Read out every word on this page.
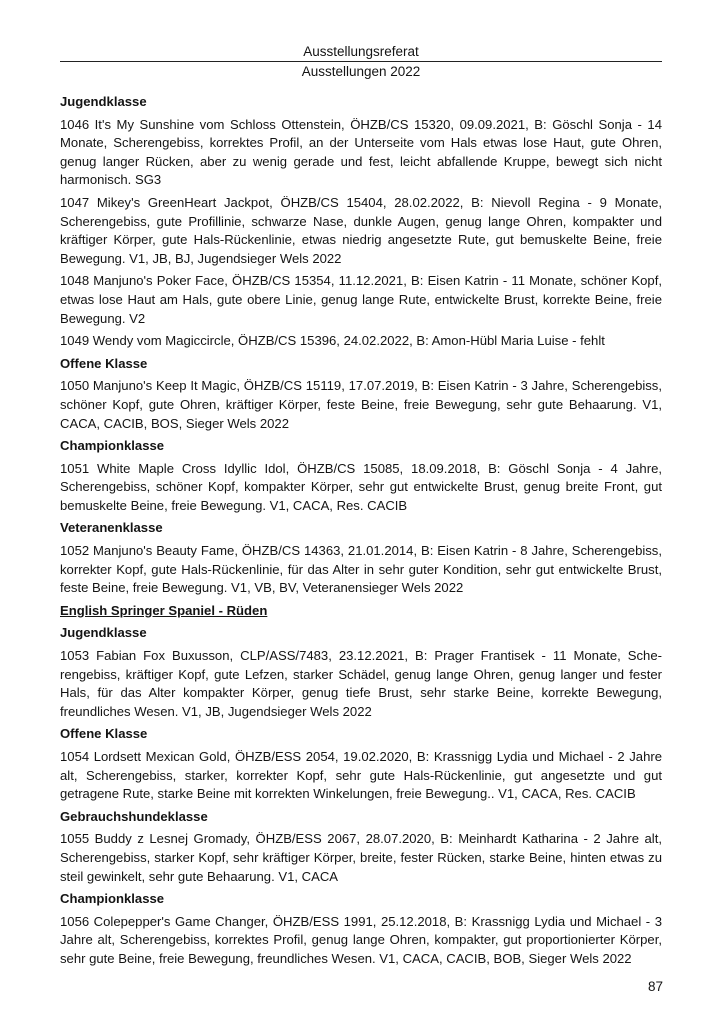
Ausstellungsreferat
Ausstellungen 2022
Jugendklasse
1046 It's My Sunshine vom Schloss Ottenstein, ÖHZB/CS 15320, 09.09.2021, B: Göschl Sonja - 14 Monate, Scherengebiss, korrektes Profil, an der Unterseite vom Hals etwas lose Haut, gute Ohren, genug langer Rücken, aber zu wenig gerade und fest, leicht abfallende Kruppe, bewegt sich nicht harmonisch. SG3
1047 Mikey's GreenHeart Jackpot, ÖHZB/CS 15404, 28.02.2022, B: Nievoll Regina - 9 Monate, Scherengebiss, gute Profillinie, schwarze Nase, dunkle Augen, genug lange Ohren, kompakter und kräftiger Körper, gute Hals-Rückenlinie, etwas niedrig angesetzte Rute, gut bemuskelte Beine, freie Bewegung. V1, JB, BJ, Jugendsieger Wels 2022
1048 Manjuno's Poker Face, ÖHZB/CS 15354, 11.12.2021, B: Eisen Katrin - 11 Monate, schöner Kopf, etwas lose Haut am Hals, gute obere Linie, genug lange Rute, entwickelte Brust, korrekte Beine, freie Bewegung. V2
1049 Wendy vom Magiccircle, ÖHZB/CS 15396, 24.02.2022, B: Amon-Hübl Maria Luise - fehlt
Offene Klasse
1050 Manjuno's Keep It Magic, ÖHZB/CS 15119, 17.07.2019, B: Eisen Katrin - 3 Jahre, Scherengebiss, schöner Kopf, gute Ohren, kräftiger Körper, feste Beine, freie Bewegung, sehr gute Behaarung. V1, CACA, CACIB, BOS, Sieger Wels 2022
Championklasse
1051 White Maple Cross Idyllic Idol, ÖHZB/CS 15085, 18.09.2018, B: Göschl Sonja - 4 Jahre, Scherengebiss, schöner Kopf, kompakter Körper, sehr gut entwickelte Brust, genug breite Front, gut bemuskelte Beine, freie Bewegung. V1, CACA, Res. CACIB
Veteranenklasse
1052 Manjuno's Beauty Fame, ÖHZB/CS 14363, 21.01.2014, B: Eisen Katrin - 8 Jahre, Scherengebiss, korrekter Kopf, gute Hals-Rückenlinie, für das Alter in sehr guter Kondition, sehr gut entwickelte Brust, feste Beine, freie Bewegung. V1, VB, BV, Veteranensieger Wels 2022
English Springer Spaniel - Rüden
Jugendklasse
1053 Fabian Fox Buxusson, CLP/ASS/7483, 23.12.2021, B: Prager Frantisek - 11 Monate, Scherengebiss, kräftiger Kopf, gute Lefzen, starker Schädel, genug lange Ohren, genug langer und fester Hals, für das Alter kompakter Körper, genug tiefe Brust, sehr starke Beine, korrekte Bewegung, freundliches Wesen. V1, JB, Jugendsieger Wels 2022
Offene Klasse
1054 Lordsett Mexican Gold, ÖHZB/ESS 2054, 19.02.2020, B: Krassnigg Lydia und Michael - 2 Jahre alt, Scherengebiss, starker, korrekter Kopf, sehr gute Hals-Rückenlinie, gut angesetzte und gut getragene Rute, starke Beine mit korrekten Winkelungen, freie Bewegung.. V1, CACA, Res. CACIB
Gebrauchshundeklasse
1055 Buddy z Lesnej Gromady, ÖHZB/ESS 2067, 28.07.2020, B: Meinhardt Katharina - 2 Jahre alt, Scherengebiss, starker Kopf, sehr kräftiger Körper, breite, fester Rücken, starke Beine, hinten etwas zu steil gewinkelt, sehr gute Behaarung. V1, CACA
Championklasse
1056 Colepepper's Game Changer, ÖHZB/ESS 1991, 25.12.2018, B: Krassnigg Lydia und Michael - 3 Jahre alt, Scherengebiss, korrektes Profil, genug lange Ohren, kompakter, gut proportionierter Körper, sehr gute Beine, freie Bewegung, freundliches Wesen. V1, CACA, CACIB, BOB, Sieger Wels 2022
87
